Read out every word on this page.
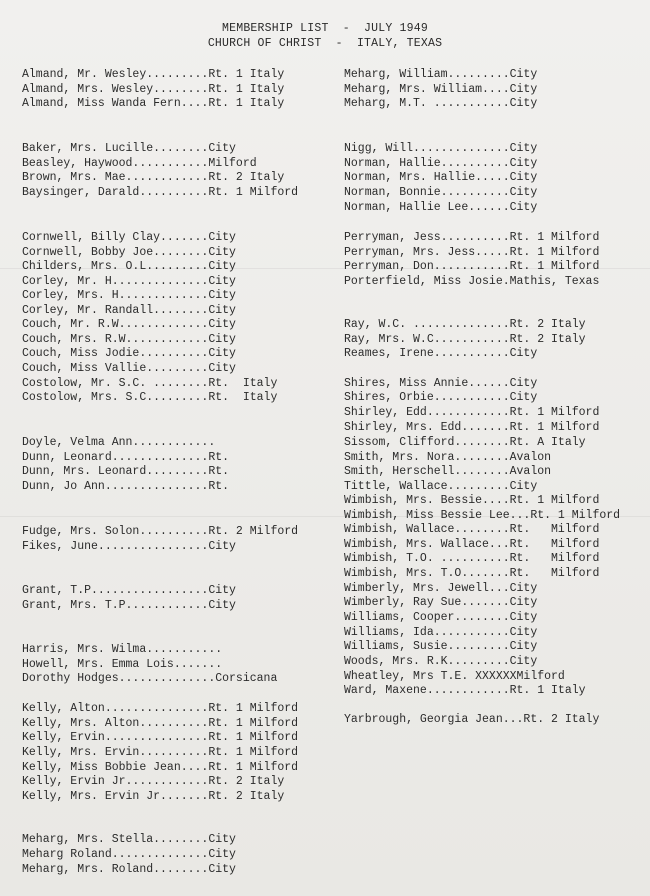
MEMBERSHIP LIST  -  JULY 1949
CHURCH OF CHRIST  -  ITALY, TEXAS
Almand, Mr. Wesley.........Rt. 1 Italy
Almand, Mrs. Wesley........Rt. 1 Italy
Almand, Miss Wanda Fern....Rt. 1 Italy
Baker, Mrs. Lucille........City
Beasley, Haywood...........Milford
Brown, Mrs. Mae............Rt. 2 Italy
Baysinger, Darald..........Rt. 1 Milford
Cornwell, Billy Clay.......City
Cornwell, Bobby Joe........City
Childers, Mrs. O.L.........City
Corley, Mr. H..............City
Corley, Mrs. H.............City
Corley, Mr. Randall........City
Couch, Mr. R.W.............City
Couch, Mrs. R.W............City
Couch, Miss Jodie..........City
Couch, Miss Vallie.........City
Costolow, Mr. S.C. ........Rt.  Italy
Costolow, Mrs. S.C.........Rt.  Italy
Doyle, Velma Ann............
Dunn, Leonard..............Rt.
Dunn, Mrs. Leonard.........Rt.
Dunn, Jo Ann...............Rt.
Fudge, Mrs. Solon..........Rt. 2 Milford
Fikes, June................City
Grant, T.P.................City
Grant, Mrs. T.P............City
Harris, Mrs. Wilma...........
Howell, Mrs. Emma Lois.......
Dorothy Hodges..............Corsicana
Kelly, Alton...............Rt. 1 Milford
Kelly, Mrs. Alton..........Rt. 1 Milford
Kelly, Ervin...............Rt. 1 Milford
Kelly, Mrs. Ervin..........Rt. 1 Milford
Kelly, Miss Bobbie Jean....Rt. 1 Milford
Kelly, Ervin Jr............Rt. 2 Italy
Kelly, Mrs. Ervin Jr.......Rt. 2 Italy
Meharg, Mrs. Stella........City
Meharg Roland..............City
Meharg, Mrs. Roland........City
Meharg, William.........City
Meharg, Mrs. William....City
Meharg, M.T. ...........City
Nigg, Will..............City
Norman, Hallie..........City
Norman, Mrs. Hallie.....City
Norman, Bonnie..........City
Norman, Hallie Lee......City
Perryman, Jess..........Rt. 1 Milford
Perryman, Mrs. Jess.....Rt. 1 Milford
Perryman, Don...........Rt. 1 Milford
Porterfield, Miss Josie.Mathis, Texas
Ray, W.C. ..............Rt. 2 Italy
Ray, Mrs. W.C...........Rt. 2 Italy
Reames, Irene...........City
Shires, Miss Annie......City
Shires, Orbie...........City
Shirley, Edd............Rt. 1 Milford
Shirley, Mrs. Edd.......Rt. 1 Milford
Sissom, Clifford........Rt. A Italy
Smith, Mrs. Nora........Avalon
Smith, Herschell........Avalon
Tittle, Wallace.........City
Wimbish, Mrs. Bessie....Rt. 1 Milford
Wimbish, Miss Bessie Lee...Rt. 1 Milford
Wimbish, Wallace........Rt.   Milford
Wimbish, Mrs. Wallace...Rt.   Milford
Wimbish, T.O. ..........Rt.   Milford
Wimbish, Mrs. T.O.......Rt.   Milford
Wimberly, Mrs. Jewell...City
Wimberly, Ray Sue.......City
Williams, Cooper........City
Williams, Ida...........City
Williams, Susie.........City
Woods, Mrs. R.K.........City
Wheatley, Mrs T.E. XXXXXXMilford
Ward, Maxene............Rt. 1 Italy
Yarbrough, Georgia Jean...Rt. 2 Italy
